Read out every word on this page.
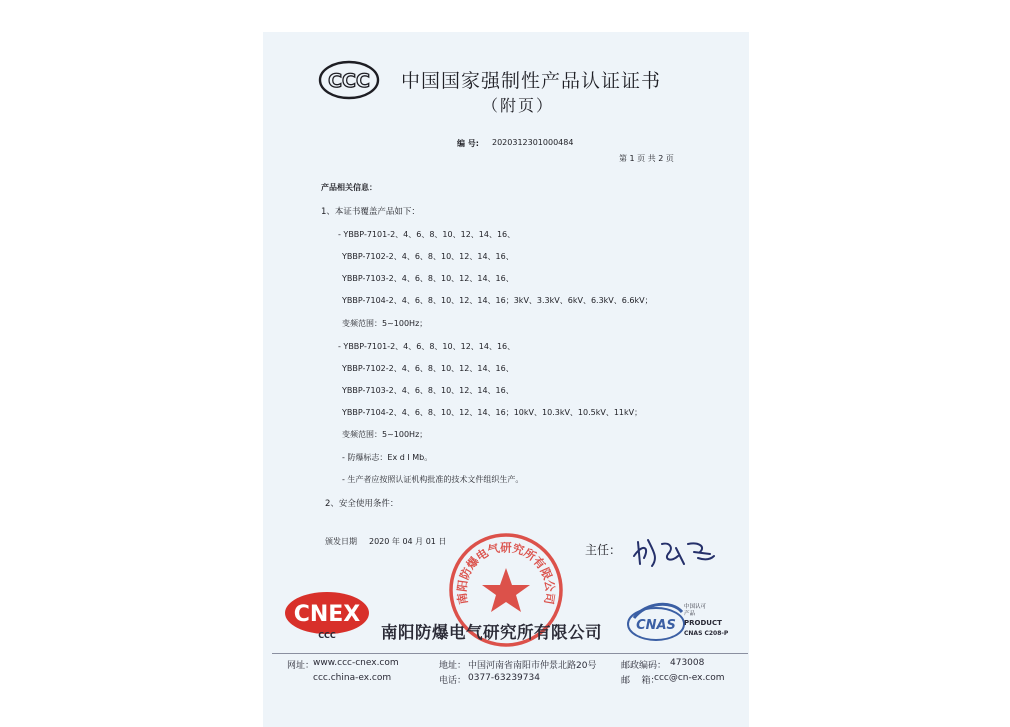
CCC 中国国家强制性产品认证证书
（附页）
编 号: 2020312301000484
第 1 页 共 2 页
产品相关信息：
1、本证书覆盖产品如下：
- YBBP-7101-2、4、6、8、10、12、14、16、
YBBP-7102-2、4、6、8、10、12、14、16、
YBBP-7103-2、4、6、8、10、12、14、16、
YBBP-7104-2、4、6、8、10、12、14、16；3kV、3.3kV、6kV、6.3kV、6.6kV；
变频范围：5~100Hz；
- YBBP-7101-2、4、6、8、10、12、14、16、
YBBP-7102-2、4、6、8、10、12、14、16、
YBBP-7103-2、4、6、8、10、12、14、16、
YBBP-7104-2、4、6、8、10、12、14、16；10kV、10.3kV、10.5kV、11kV；
变频范围：5~100Hz；
- 防爆标志：Ex d I Mb。
- 生产者应按照认证机构批准的技术文件组织生产。
2、安全使用条件：
颁发日期 2020 年 04 月 01 日
主任：
南阳防爆电气研究所有限公司
CNEX
CCC	南阳防爆电气研究所有限公司	CNAS
中国认可
产品
PRODUCT
CNAS C208-P
网址：
www.ccc-cnex.com
ccc.china-ex.com
地址： 中国河南省南阳市仲景北路20号
电话： 0377-63239734
邮政编码： 473008
邮    箱：
ccc@cn-ex.com
